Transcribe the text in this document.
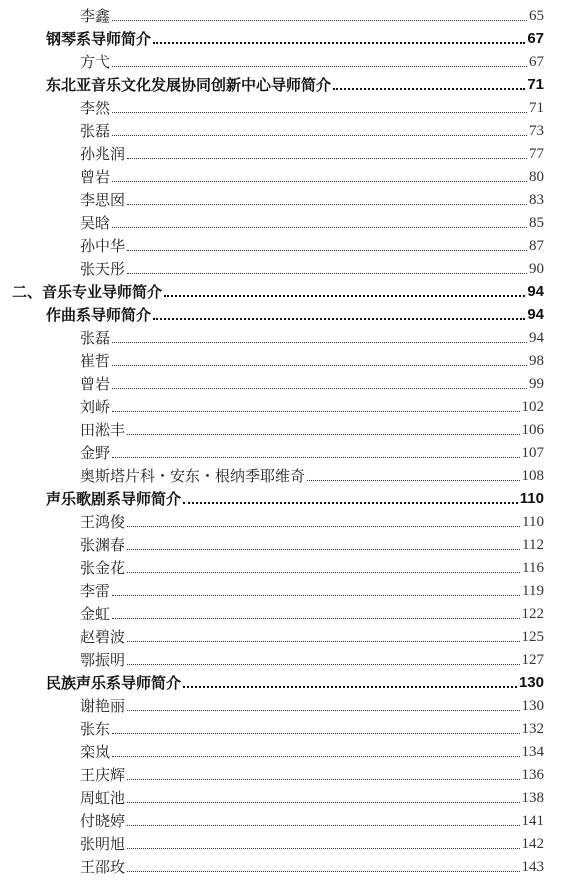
李鑫	65
钢琴系导师简介	67
方弋	67
东北亚音乐文化发展协同创新中心导师简介	71
李然	71
张磊	73
孙兆润	77
曾岩	80
李思囡	83
吴晗	85
孙中华	87
张天彤	90
二、音乐专业导师简介	94
作曲系导师简介	94
张磊	94
崔哲	98
曾岩	99
刘峤	102
田淞丰	106
金野	107
奥斯塔片科・安东・根纳季耶维奇	108
声乐歌剧系导师简介	110
王鸿俊	110
张渊春	112
张金花	116
李雷	119
金虹	122
赵碧波	125
鄂振明	127
民族声乐系导师简介	130
谢艳丽	130
张东	132
栾岚	134
王庆辉	136
周虹池	138
付晓婷	141
张明旭	142
王邵玫	143
